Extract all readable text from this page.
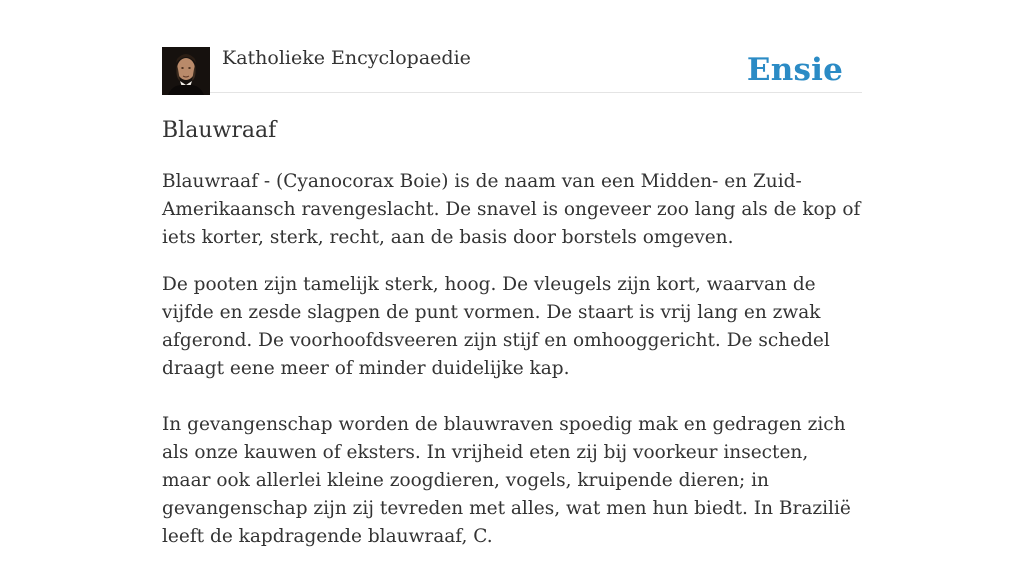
Katholieke Encyclopaedie	Ensie
Blauwraaf

Blauwraaf - (Cyanocorax Boie) is de naam van een Midden- en Zuid-Amerikaansch ravengeslacht. De snavel is ongeveer zoo lang als de kop of iets korter, sterk, recht, aan de basis door borstels omgeven.

De pooten zijn tamelijk sterk, hoog. De vleugels zijn kort, waarvan de vijfde en zesde slagpen de punt vormen. De staart is vrij lang en zwak afgerond. De voorhoofdsveeren zijn stijf en omhooggericht. De schedel draagt eene meer of minder duidelijke kap.

In gevangenschap worden de blauwraven spoedig mak en gedragen zich als onze kauwen of eksters. In vrijheid eten zij bij voorkeur insecten, maar ook allerlei kleine zoogdieren, vogels, kruipende dieren; in gevangenschap zijn zij tevreden met alles, wat men hun biedt. In Brazilië leeft de kapdragende blauwraaf, C.
